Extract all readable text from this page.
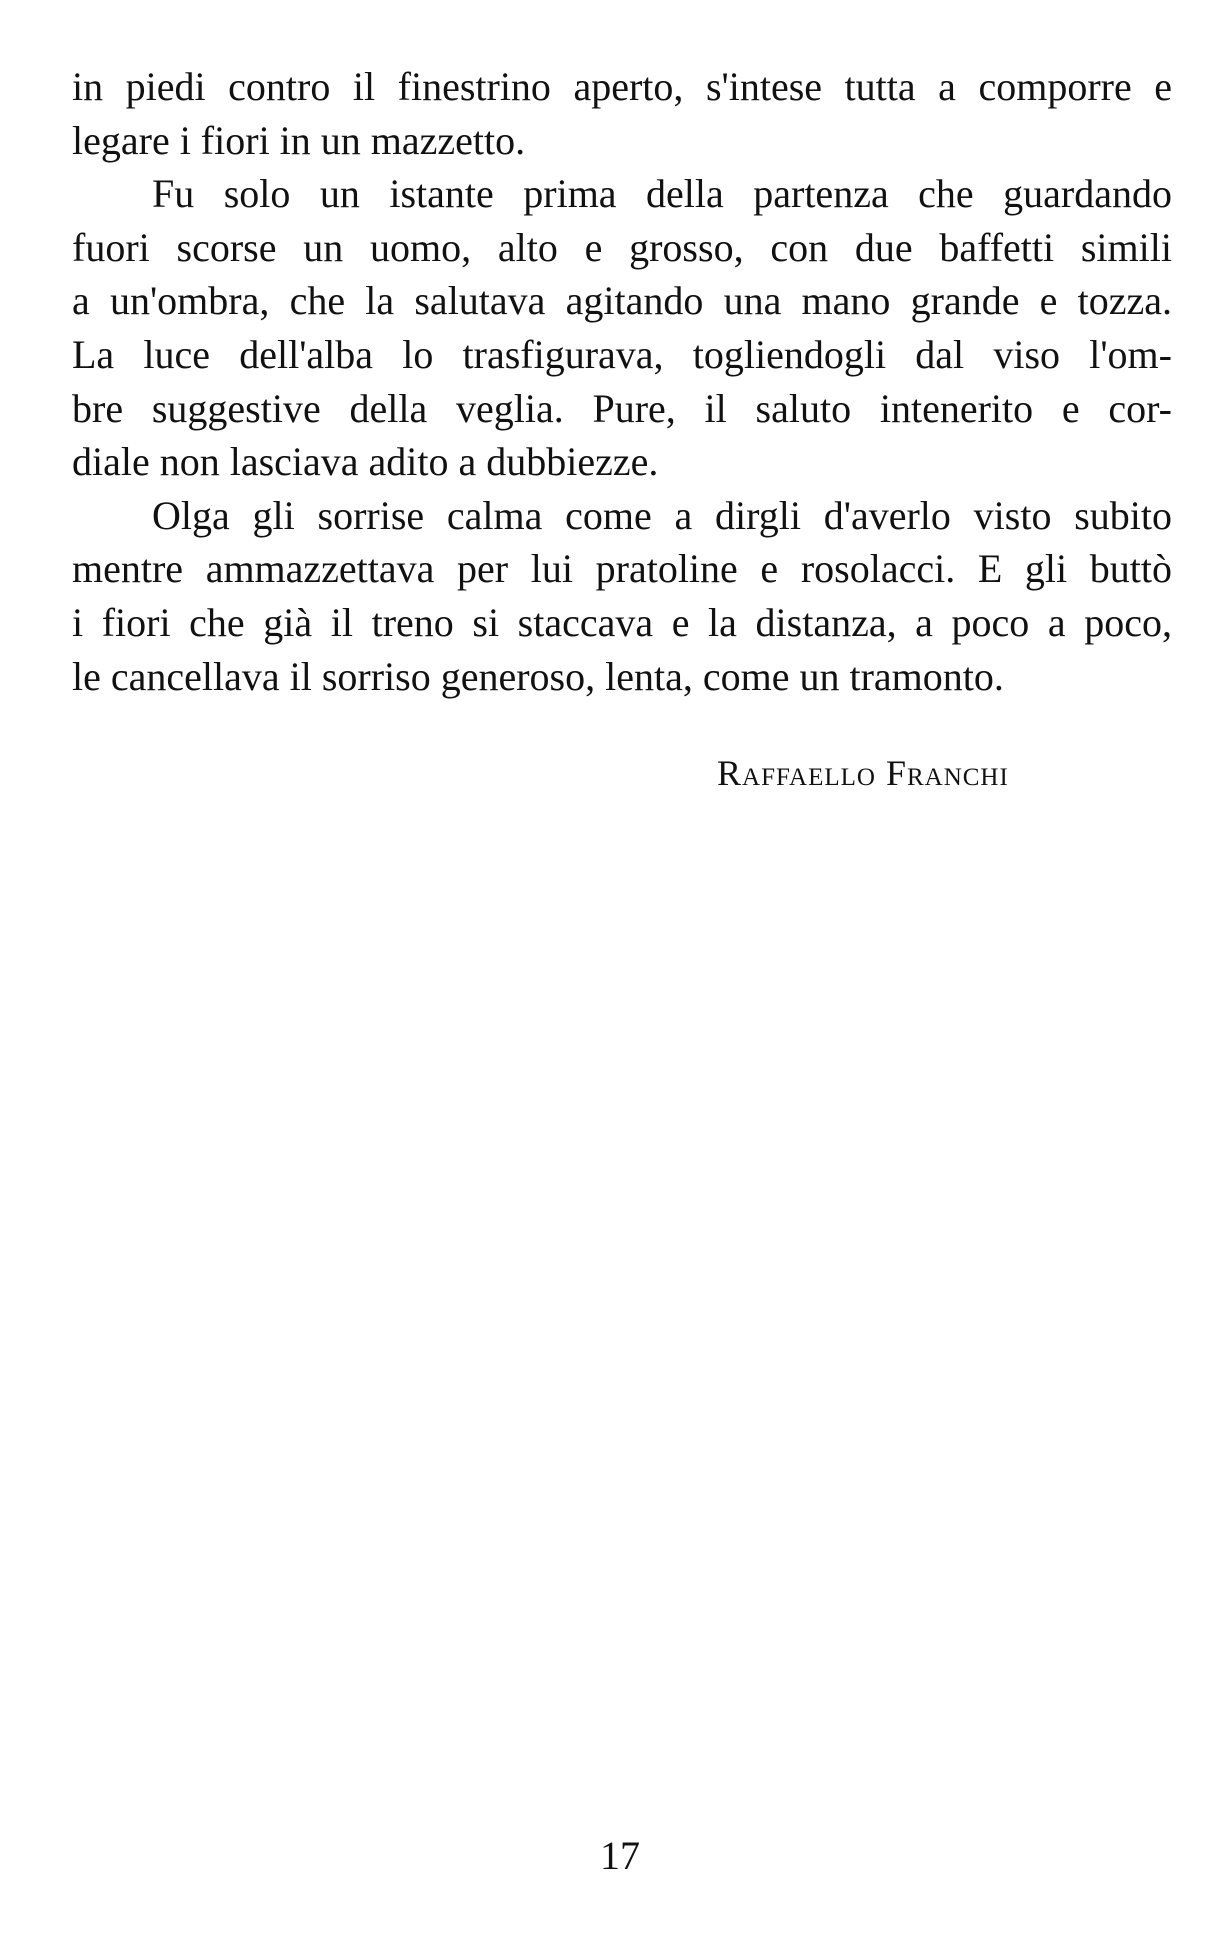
in piedi contro il finestrino aperto, s'intese tutta a comporre e
legare i fiori in un mazzetto.
Fu solo un istante prima della partenza che guardando
fuori scorse un uomo, alto e grosso, con due baffetti simili
a un'ombra, che la salutava agitando una mano grande e tozza.
La luce dell'alba lo trasfigurava, togliendogli dal viso l'om-
bre suggestive della veglia. Pure, il saluto intenerito e cor-
diale non lasciava adito a dubbiezze.
Olga gli sorrise calma come a dirgli d'averlo visto subito
mentre ammazzettava per lui pratoline e rosolacci. E gli buttò
i fiori che già il treno si staccava e la distanza, a poco a poco,
le cancellava il sorriso generoso, lenta, come un tramonto.
Raffaello Franchi
17
